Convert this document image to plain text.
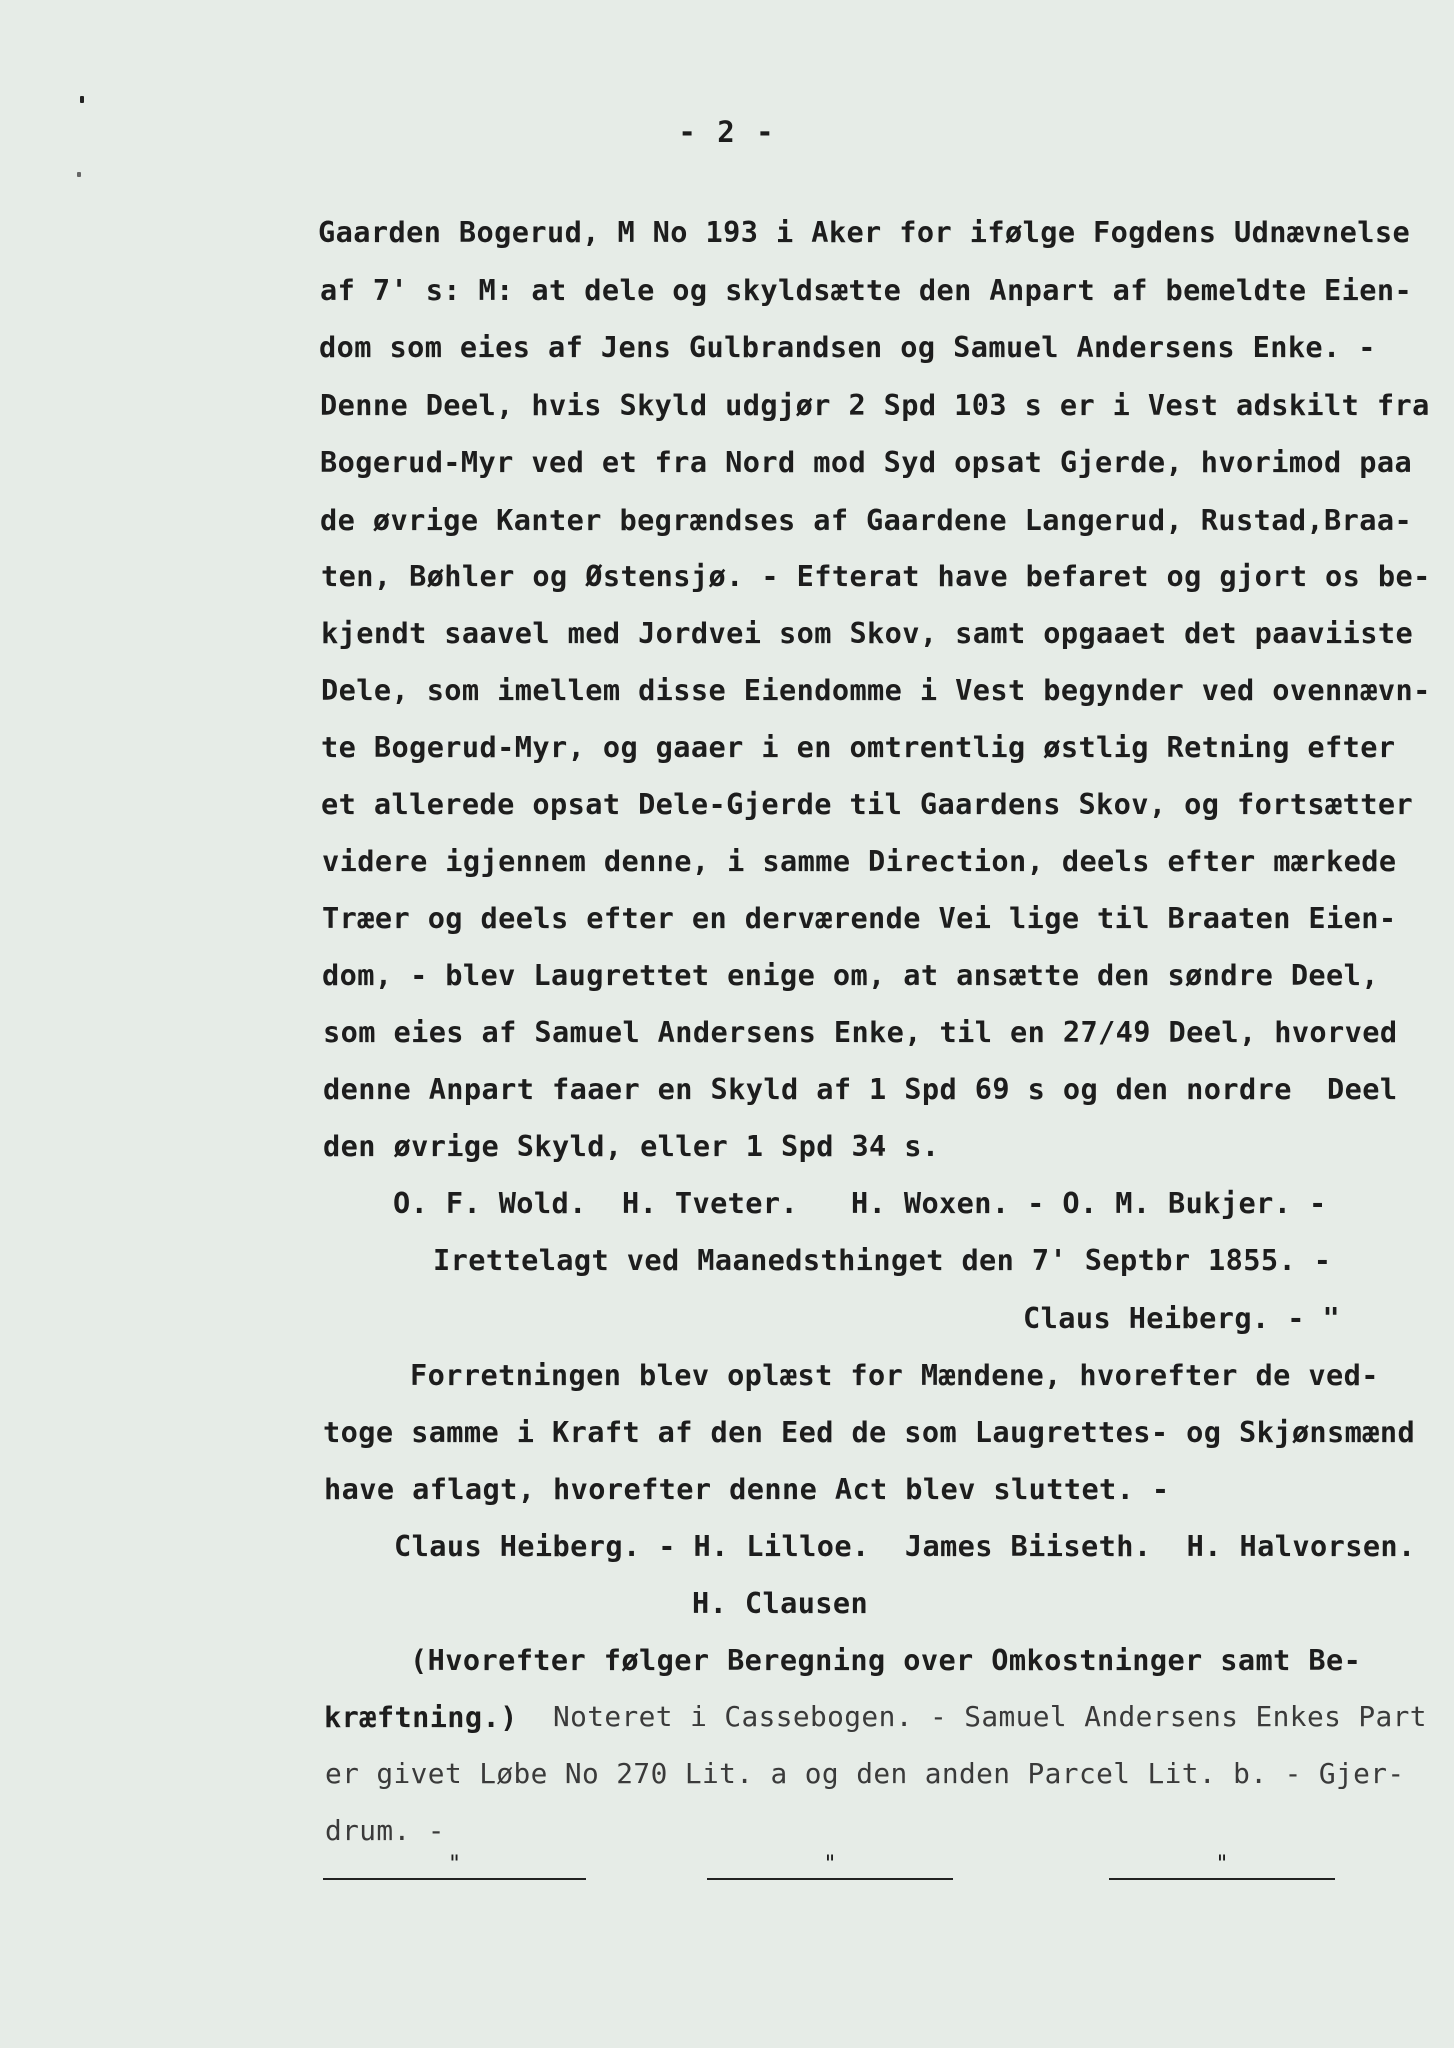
- 2 -

Gaarden Bogerud, M No 193 i Aker for ifølge Fogdens Udnævnelse

af 7' s: M: at dele og skyldsætte den Anpart af bemeldte Eien-

dom som eies af Jens Gulbrandsen og Samuel Andersens Enke. -

Denne Deel, hvis Skyld udgjør 2 Spd 103 s er i Vest adskilt fra

Bogerud-Myr ved et fra Nord mod Syd opsat Gjerde, hvorimod paa

de øvrige Kanter begrændses af Gaardene Langerud, Rustad,Braa-

ten, Bøhler og Østensjø. - Efterat have befaret og gjort os be-

kjendt saavel med Jordvei som Skov, samt opgaaet det paaviiste

Dele, som imellem disse Eiendomme i Vest begynder ved ovennævn-

te Bogerud-Myr, og gaaer i en omtrentlig østlig Retning efter

et allerede opsat Dele-Gjerde til Gaardens Skov, og fortsætter

videre igjennem denne, i samme Direction, deels efter mærkede

Træer og deels efter en derværende Vei lige til Braaten Eien-

dom, - blev Laugrettet enige om, at ansætte den søndre Deel,

som eies af Samuel Andersens Enke, til en 27/49 Deel, hvorved

denne Anpart faaer en Skyld af 1 Spd 69 s og den nordre  Deel

den øvrige Skyld, eller 1 Spd 34 s.

O. F. Wold.  H. Tveter.   H. Woxen. - O. M. Bukjer. -

Irettelagt ved Maanedsthinget den 7' Septbr 1855. -

Claus Heiberg. - "

Forretningen blev oplæst for Mændene, hvorefter de ved-

toge samme i Kraft af den Eed de som Laugrettes- og Skjønsmænd

have aflagt, hvorefter denne Act blev sluttet. -

Claus Heiberg. - H. Lilloe.  James Biiseth.  H. Halvorsen.

H. Clausen

(Hvorefter følger Beregning over Omkostninger samt Be-

kræftning.) Noteret i Cassebogen. - Samuel Andersens Enkes Part

er givet Løbe No 270 Lit. a og den anden Parcel Lit. b. - Gjer-

drum. -

"	"	"
